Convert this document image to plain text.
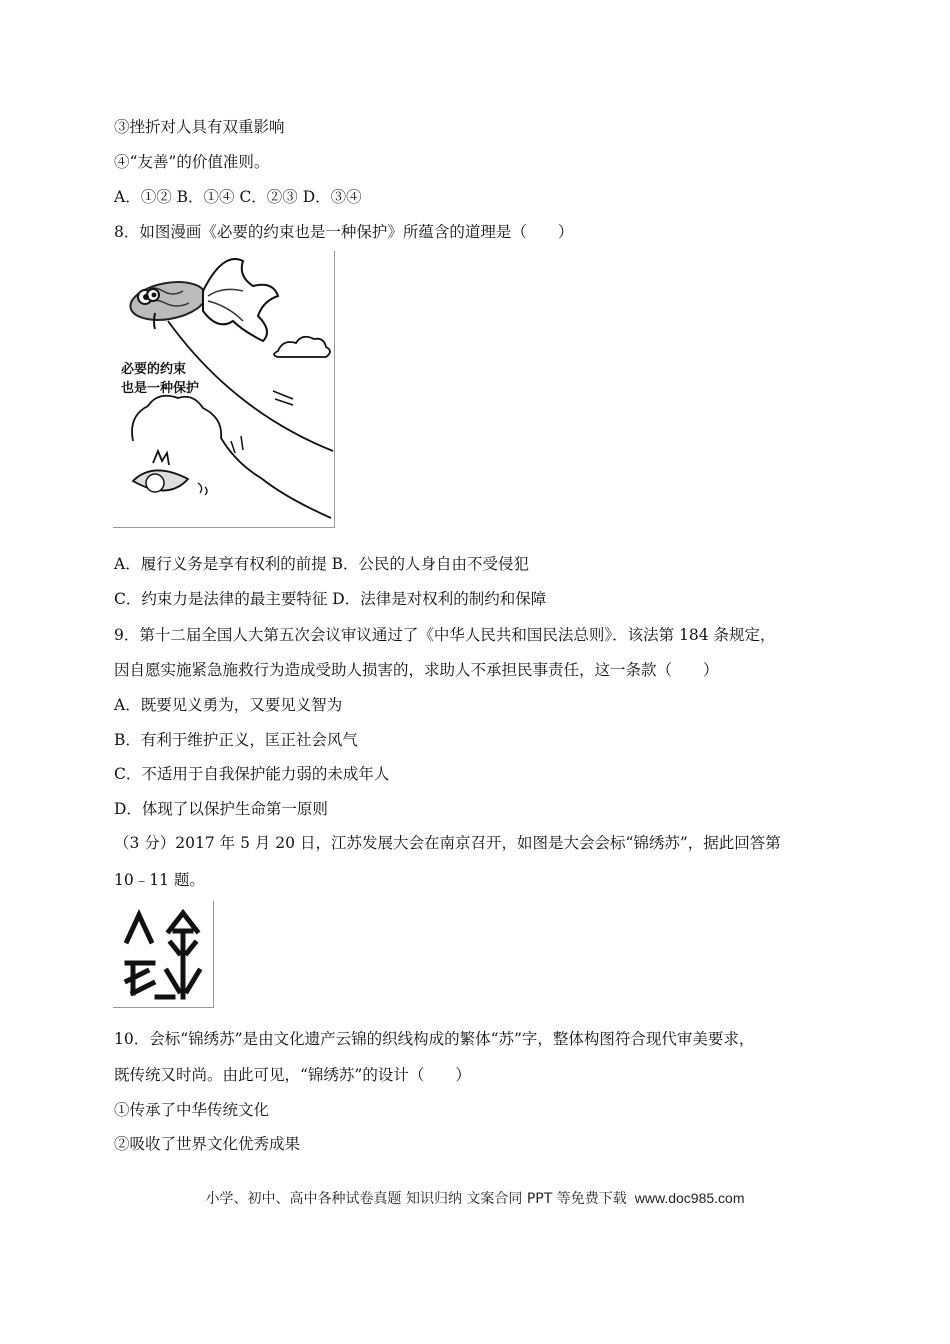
③挫折对人具有双重影响
④“友善”的价值准则。
A．①② B．①④ C．②③ D．③④
8．如图漫画《必要的约束也是一种保护》所蕴含的道理是（　　）
必要的约束
也是一种保护
A．履行义务是享有权利的前提 B．公民的人身自由不受侵犯
C．约束力是法律的最主要特征 D．法律是对权利的制约和保障
9．第十二届全国人大第五次会议审议通过了《中华人民共和国民法总则》．该法第 184 条规定，
因自愿实施紧急施救行为造成受助人损害的，求助人不承担民事责任，这一条款（　　）
A．既要见义勇为，又要见义智为
B．有利于维护正义，匡正社会风气
C．不适用于自我保护能力弱的未成年人
D．体现了以保护生命第一原则
（3 分）2017 年 5 月 20 日，江苏发展大会在南京召开，如图是大会会标“锦绣苏”，据此回答第
10﹣11 题。
10．会标“锦绣苏”是由文化遗产云锦的织线构成的繁体“苏”字，整体构图符合现代审美要求，
既传统又时尚。由此可见，“锦绣苏”的设计（　　）
①传承了中华传统文化
②吸收了世界文化优秀成果
小学、初中、高中各种试卷真题 知识归纳 文案合同 PPT 等免费下载 www.doc985.com
